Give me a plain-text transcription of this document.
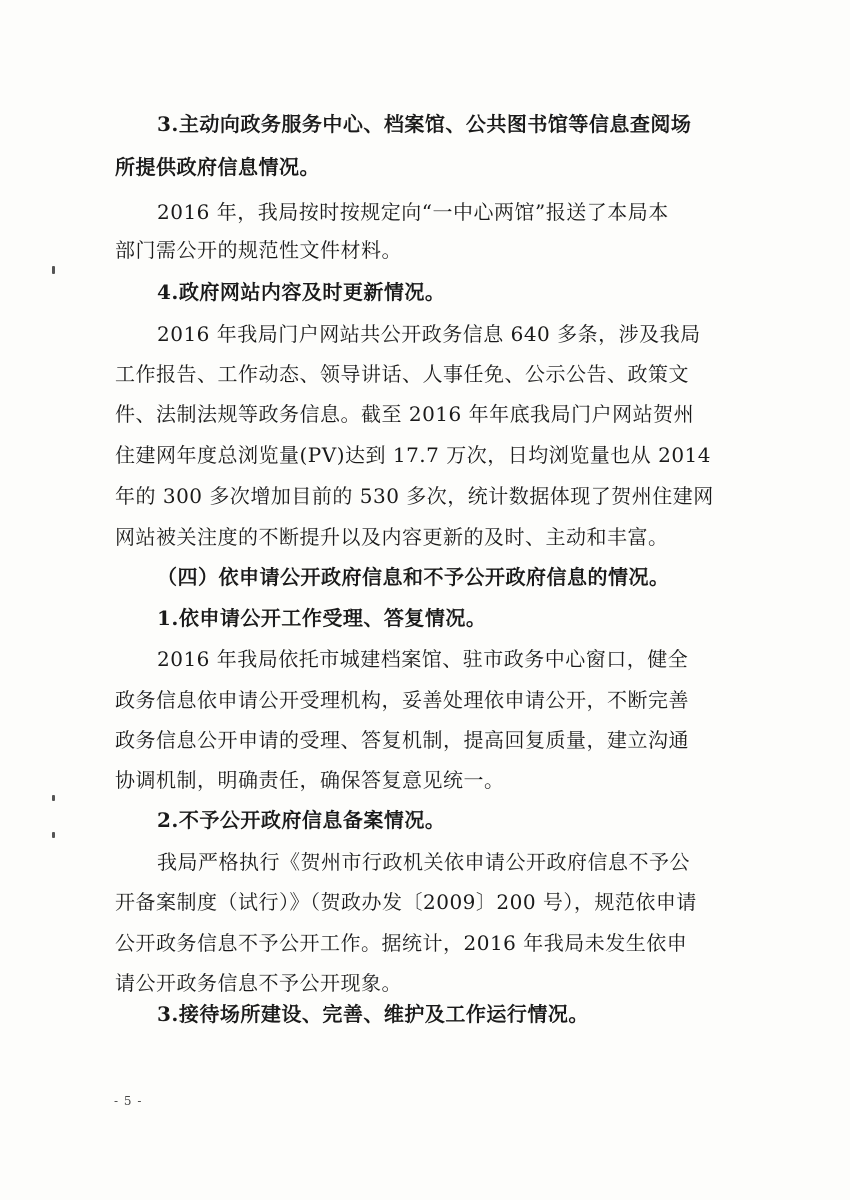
3.主动向政务服务中心、档案馆、公共图书馆等信息查阅场
所提供政府信息情况。
2016 年，我局按时按规定向“一中心两馆”报送了本局本
部门需公开的规范性文件材料。
4.政府网站内容及时更新情况。
2016 年我局门户网站共公开政务信息 640 多条，涉及我局
工作报告、工作动态、领导讲话、人事任免、公示公告、政策文
件、法制法规等政务信息。截至 2016 年年底我局门户网站贺州
住建网年度总浏览量(PV)达到 17.7 万次，日均浏览量也从 2014
年的 300 多次增加目前的 530 多次，统计数据体现了贺州住建网
网站被关注度的不断提升以及内容更新的及时、主动和丰富。
（四）依申请公开政府信息和不予公开政府信息的情况。
1.依申请公开工作受理、答复情况。
2016 年我局依托市城建档案馆、驻市政务中心窗口，健全
政务信息依申请公开受理机构，妥善处理依申请公开，不断完善
政务信息公开申请的受理、答复机制，提高回复质量，建立沟通
协调机制，明确责任，确保答复意见统一。
2.不予公开政府信息备案情况。
我局严格执行《贺州市行政机关依申请公开政府信息不予公
开备案制度（试行）》（贺政办发〔2009〕200 号），规范依申请
公开政务信息不予公开工作。据统计，2016 年我局未发生依申
请公开政务信息不予公开现象。
3.接待场所建设、完善、维护及工作运行情况。
- 5 -
